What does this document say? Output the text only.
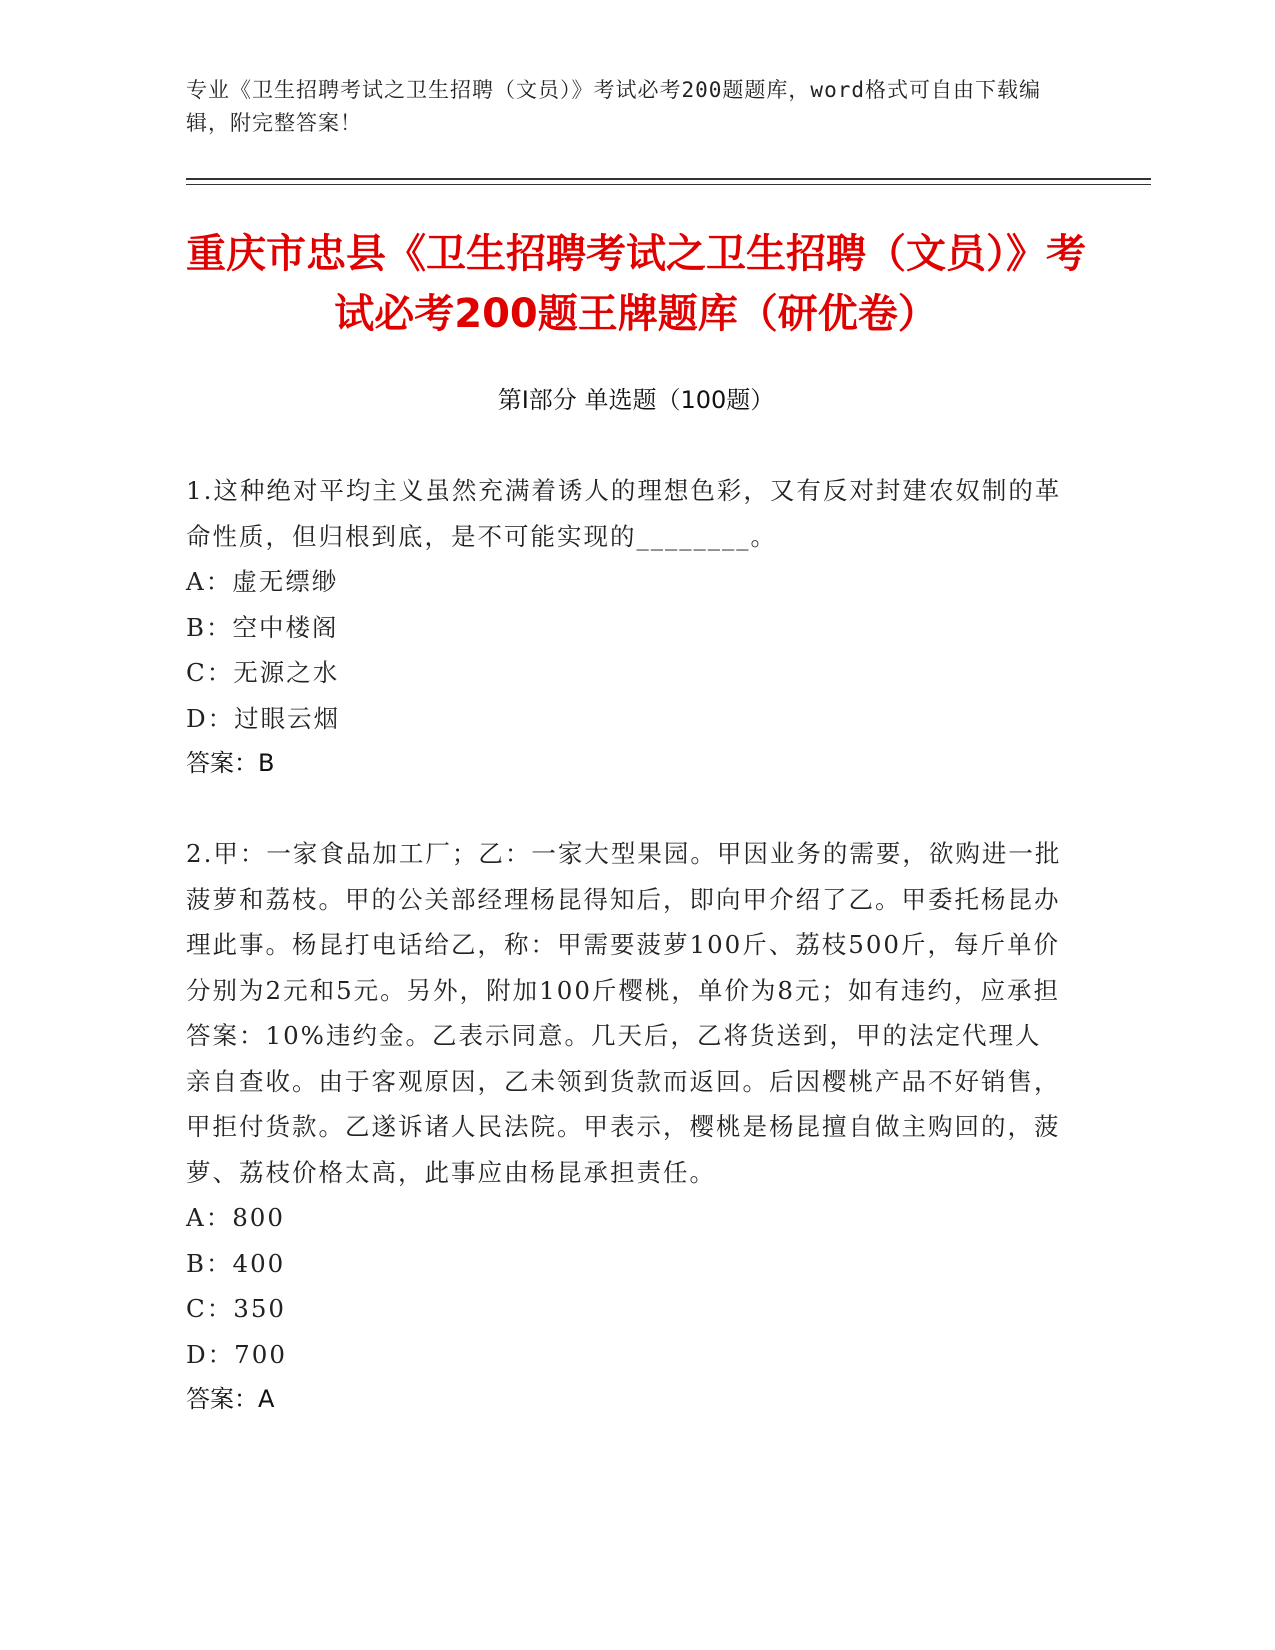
专业《卫生招聘考试之卫生招聘（文员）》考试必考200题题库，word格式可自由下载编辑，附完整答案！
重庆市忠县《卫生招聘考试之卫生招聘（文员）》考试必考200题王牌题库（研优卷）
第Ⅰ部分 单选题（100题）
1.这种绝对平均主义虽然充满着诱人的理想色彩，又有反对封建农奴制的革命性质，但归根到底，是不可能实现的________。
A：虚无缥缈
B：空中楼阁
C：无源之水
D：过眼云烟
答案：B
2.甲：一家食品加工厂；乙：一家大型果园。甲因业务的需要，欲购进一批菠萝和荔枝。甲的公关部经理杨昆得知后，即向甲介绍了乙。甲委托杨昆办理此事。杨昆打电话给乙，称：甲需要菠萝100斤、荔枝500斤，每斤单价分别为2元和5元。另外，附加100斤樱桃，单价为8元；如有违约，应承担答案：10%违约金。乙表示同意。几天后，乙将货送到，甲的法定代理人亲自查收。由于客观原因，乙未领到货款而返回。后因樱桃产品不好销售，甲拒付货款。乙遂诉诸人民法院。甲表示，樱桃是杨昆擅自做主购回的，菠萝、荔枝价格太高，此事应由杨昆承担责任。
A：800
B：400
C：350
D：700
答案：A
